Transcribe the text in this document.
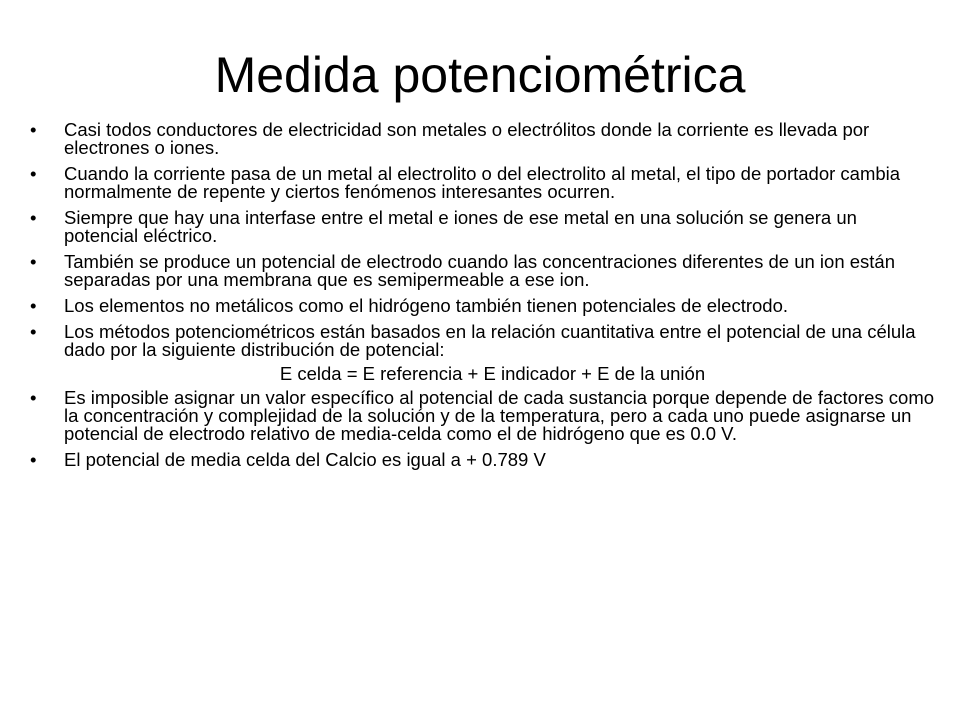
Medida potenciométrica
•	Casi todos conductores de electricidad son metales o electrólitos donde la corriente es llevada por electrones o iones.
•	Cuando la corriente pasa de un metal al electrolito o del electrolito al metal, el tipo de portador cambia normalmente de repente y ciertos fenómenos interesantes ocurren.
•	Siempre que hay una interfase entre el metal e iones de ese metal en una solución se genera un potencial eléctrico.
•	También se produce un potencial de electrodo cuando las concentraciones diferentes de un ion están separadas por una membrana que es semipermeable a ese ion.
•	Los elementos no metálicos como el hidrógeno también tienen potenciales de electrodo.
•	Los métodos potenciométricos están basados en la relación cuantitativa entre el potencial de una célula dado por la siguiente distribución de potencial:
E celda = E referencia + E indicador + E de la unión
•	Es imposible asignar un valor específico al potencial de cada sustancia porque depende de factores como la concentración y complejidad de la solución y de la temperatura, pero a cada uno puede asignarse un potencial de electrodo relativo de media-celda como el de hidrógeno que es 0.0 V.
•	El potencial de media celda del Calcio es igual a + 0.789 V
